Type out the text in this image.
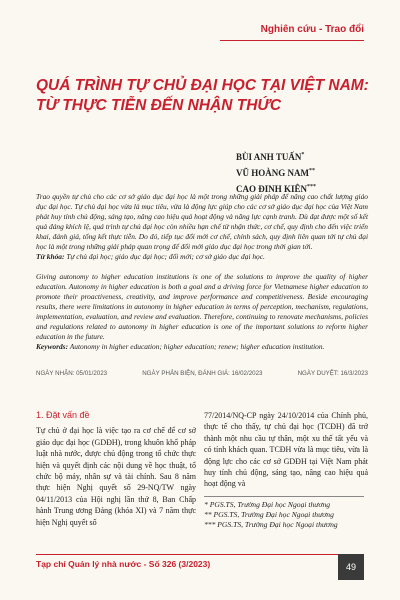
Nghiên cứu - Trao đổi
QUÁ TRÌNH TỰ CHỦ ĐẠI HỌC TẠI VIỆT NAM:
TỪ THỰC TIỄN ĐẾN NHẬN THỨC
BÙI ANH TUẤN*
VŨ HOÀNG NAM**
CAO ĐINH KIÊN***
Trao quyền tự chủ cho các cơ sở giáo dục đại học là một trong những giải pháp để nâng cao chất lượng giáo dục đại học. Tự chủ đại học vừa là mục tiêu, vừa là động lực giúp cho các cơ sở giáo dục đại học của Việt Nam phát huy tính chủ động, sáng tạo, nâng cao hiệu quả hoạt động và năng lực cạnh tranh. Dù đạt được một số kết quả đáng khích lệ, quá trình tự chủ đại học còn nhiều hạn chế từ nhận thức, cơ chế, quy định cho đến việc triển khai, đánh giá, tổng kết thực tiễn. Do đó, tiếp tục đổi mới cơ chế, chính sách, quy định liên quan tới tự chủ đại học là một trong những giải pháp quan trọng để đổi mới giáo dục đại học trong thời gian tới.
Từ khóa: Tự chủ đại học; giáo dục đại học; đổi mới; cơ sở giáo dục đại học.
Giving autonomy to higher education institutions is one of the solutions to improve the quality of higher education. Autonomy in higher education is both a goal and a driving force for Vietnamese higher education to promote their proactiveness, creativity, and improve performance and competitiveness. Beside encouraging results, there were limitations in autonomy in higher education in terms of perception, mechanism, regulations, implementation, evaluation, and review and evaluation. Therefore, continuing to renovate mechanisms, policies and regulations related to autonomy in higher education is one of the important solutions to reform higher education in the future.
Keywords: Autonomy in higher education; higher education; renew; higher education institution.
NGÀY NHẬN: 05/01/2023	NGÀY PHẢN BIỆN, ĐÁNH GIÁ: 16/02/2023	NGÀY DUYỆT: 16/3/2023
1. Đặt vấn đề
Tự chủ ở đại học là việc tạo ra cơ chế để cơ sở giáo dục đại học (GDĐH), trong khuôn khổ pháp luật nhà nước, được chủ động trong tổ chức thực hiện và quyết định các nội dung về học thuật, tổ chức bộ máy, nhân sự và tài chính. Sau 8 năm thực hiện Nghị quyết số 29-NQ/TW ngày 04/11/2013 của Hội nghị lần thứ 8, Ban Chấp hành Trung ương Đảng (khóa XI) và 7 năm thực hiện Nghị quyết số
77/2014/NQ-CP ngày 24/10/2014 của Chính phủ, thực tế cho thấy, tự chủ đại học (TCĐH) đã trở thành một nhu cầu tự thân, một xu thế tất yếu và có tính khách quan. TCĐH vừa là mục tiêu, vừa là động lực cho các cơ sở GDĐH tại Việt Nam phát huy tính chủ động, sáng tạo, nâng cao hiệu quả hoạt động và
* PGS.TS, Trường Đại học Ngoại thương
** PGS.TS, Trường Đại học Ngoại thương
*** PGS.TS, Trường Đại học Ngoại thương
Tạp chí Quản lý nhà nước - Số 326 (3/2023)	49
